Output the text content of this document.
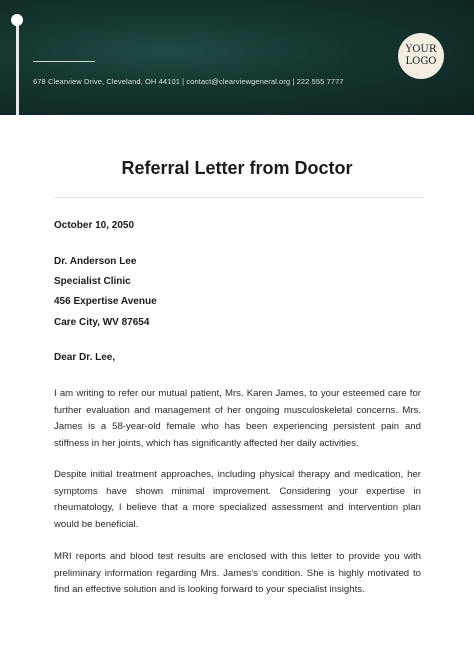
678 Clearview Drive, Cleveland, OH 44101 | contact@clearviewgeneral.org | 222 555 7777
YOUR
LOGO
Referral Letter from Doctor
October 10, 2050
Dr. Anderson Lee
Specialist Clinic
456 Expertise Avenue
Care City, WV 87654
Dear Dr. Lee,
I am writing to refer our mutual patient, Mrs. Karen James, to your esteemed care for further evaluation and management of her ongoing musculoskeletal concerns. Mrs. James is a 58-year-old female who has been experiencing persistent pain and stiffness in her joints, which has significantly affected her daily activities.
Despite initial treatment approaches, including physical therapy and medication, her symptoms have shown minimal improvement. Considering your expertise in rheumatology, I believe that a more specialized assessment and intervention plan would be beneficial.
MRI reports and blood test results are enclosed with this letter to provide you with preliminary information regarding Mrs. James's condition. She is highly motivated to find an effective solution and is looking forward to your specialist insights.
